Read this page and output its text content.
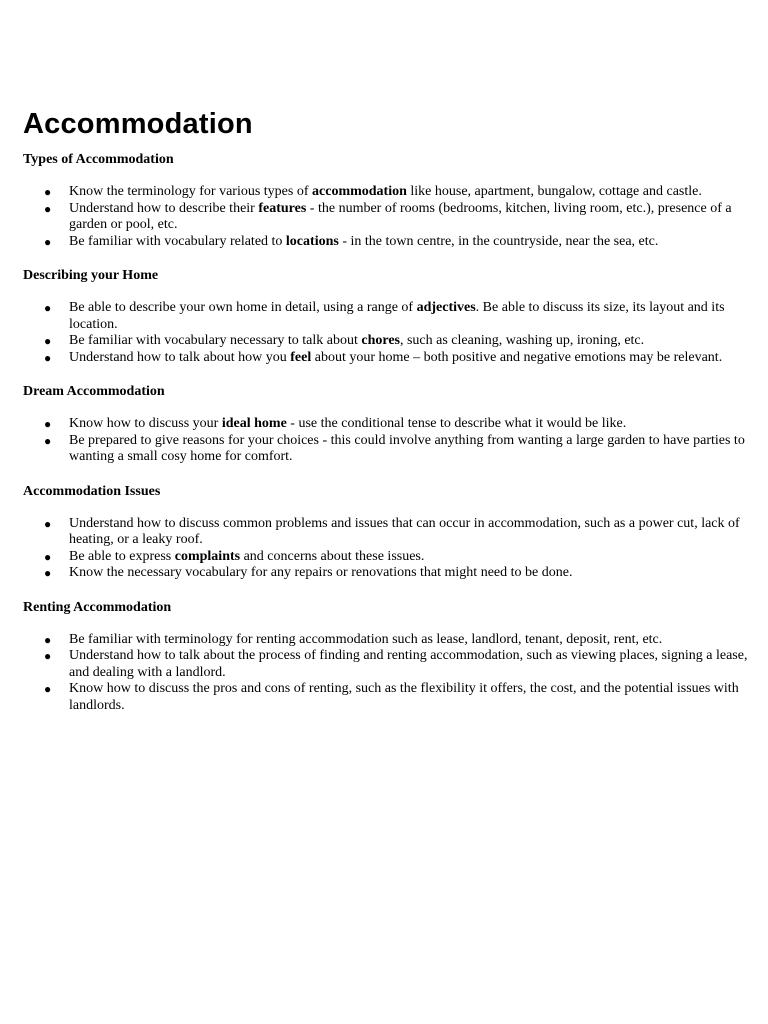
Accommodation
Types of Accommodation
● Know the terminology for various types of accommodation like house, apartment, bungalow, cottage and castle.
● Understand how to describe their features - the number of rooms (bedrooms, kitchen, living room, etc.), presence of a garden or pool, etc.
● Be familiar with vocabulary related to locations - in the town centre, in the countryside, near the sea, etc.
Describing your Home
● Be able to describe your own home in detail, using a range of adjectives. Be able to discuss its size, its layout and its location.
● Be familiar with vocabulary necessary to talk about chores, such as cleaning, washing up, ironing, etc.
● Understand how to talk about how you feel about your home – both positive and negative emotions may be relevant.
Dream Accommodation
● Know how to discuss your ideal home - use the conditional tense to describe what it would be like.
● Be prepared to give reasons for your choices - this could involve anything from wanting a large garden to have parties to wanting a small cosy home for comfort.
Accommodation Issues
● Understand how to discuss common problems and issues that can occur in accommodation, such as a power cut, lack of heating, or a leaky roof.
● Be able to express complaints and concerns about these issues.
● Know the necessary vocabulary for any repairs or renovations that might need to be done.
Renting Accommodation
● Be familiar with terminology for renting accommodation such as lease, landlord, tenant, deposit, rent, etc.
● Understand how to talk about the process of finding and renting accommodation, such as viewing places, signing a lease, and dealing with a landlord.
● Know how to discuss the pros and cons of renting, such as the flexibility it offers, the cost, and the potential issues with landlords.
